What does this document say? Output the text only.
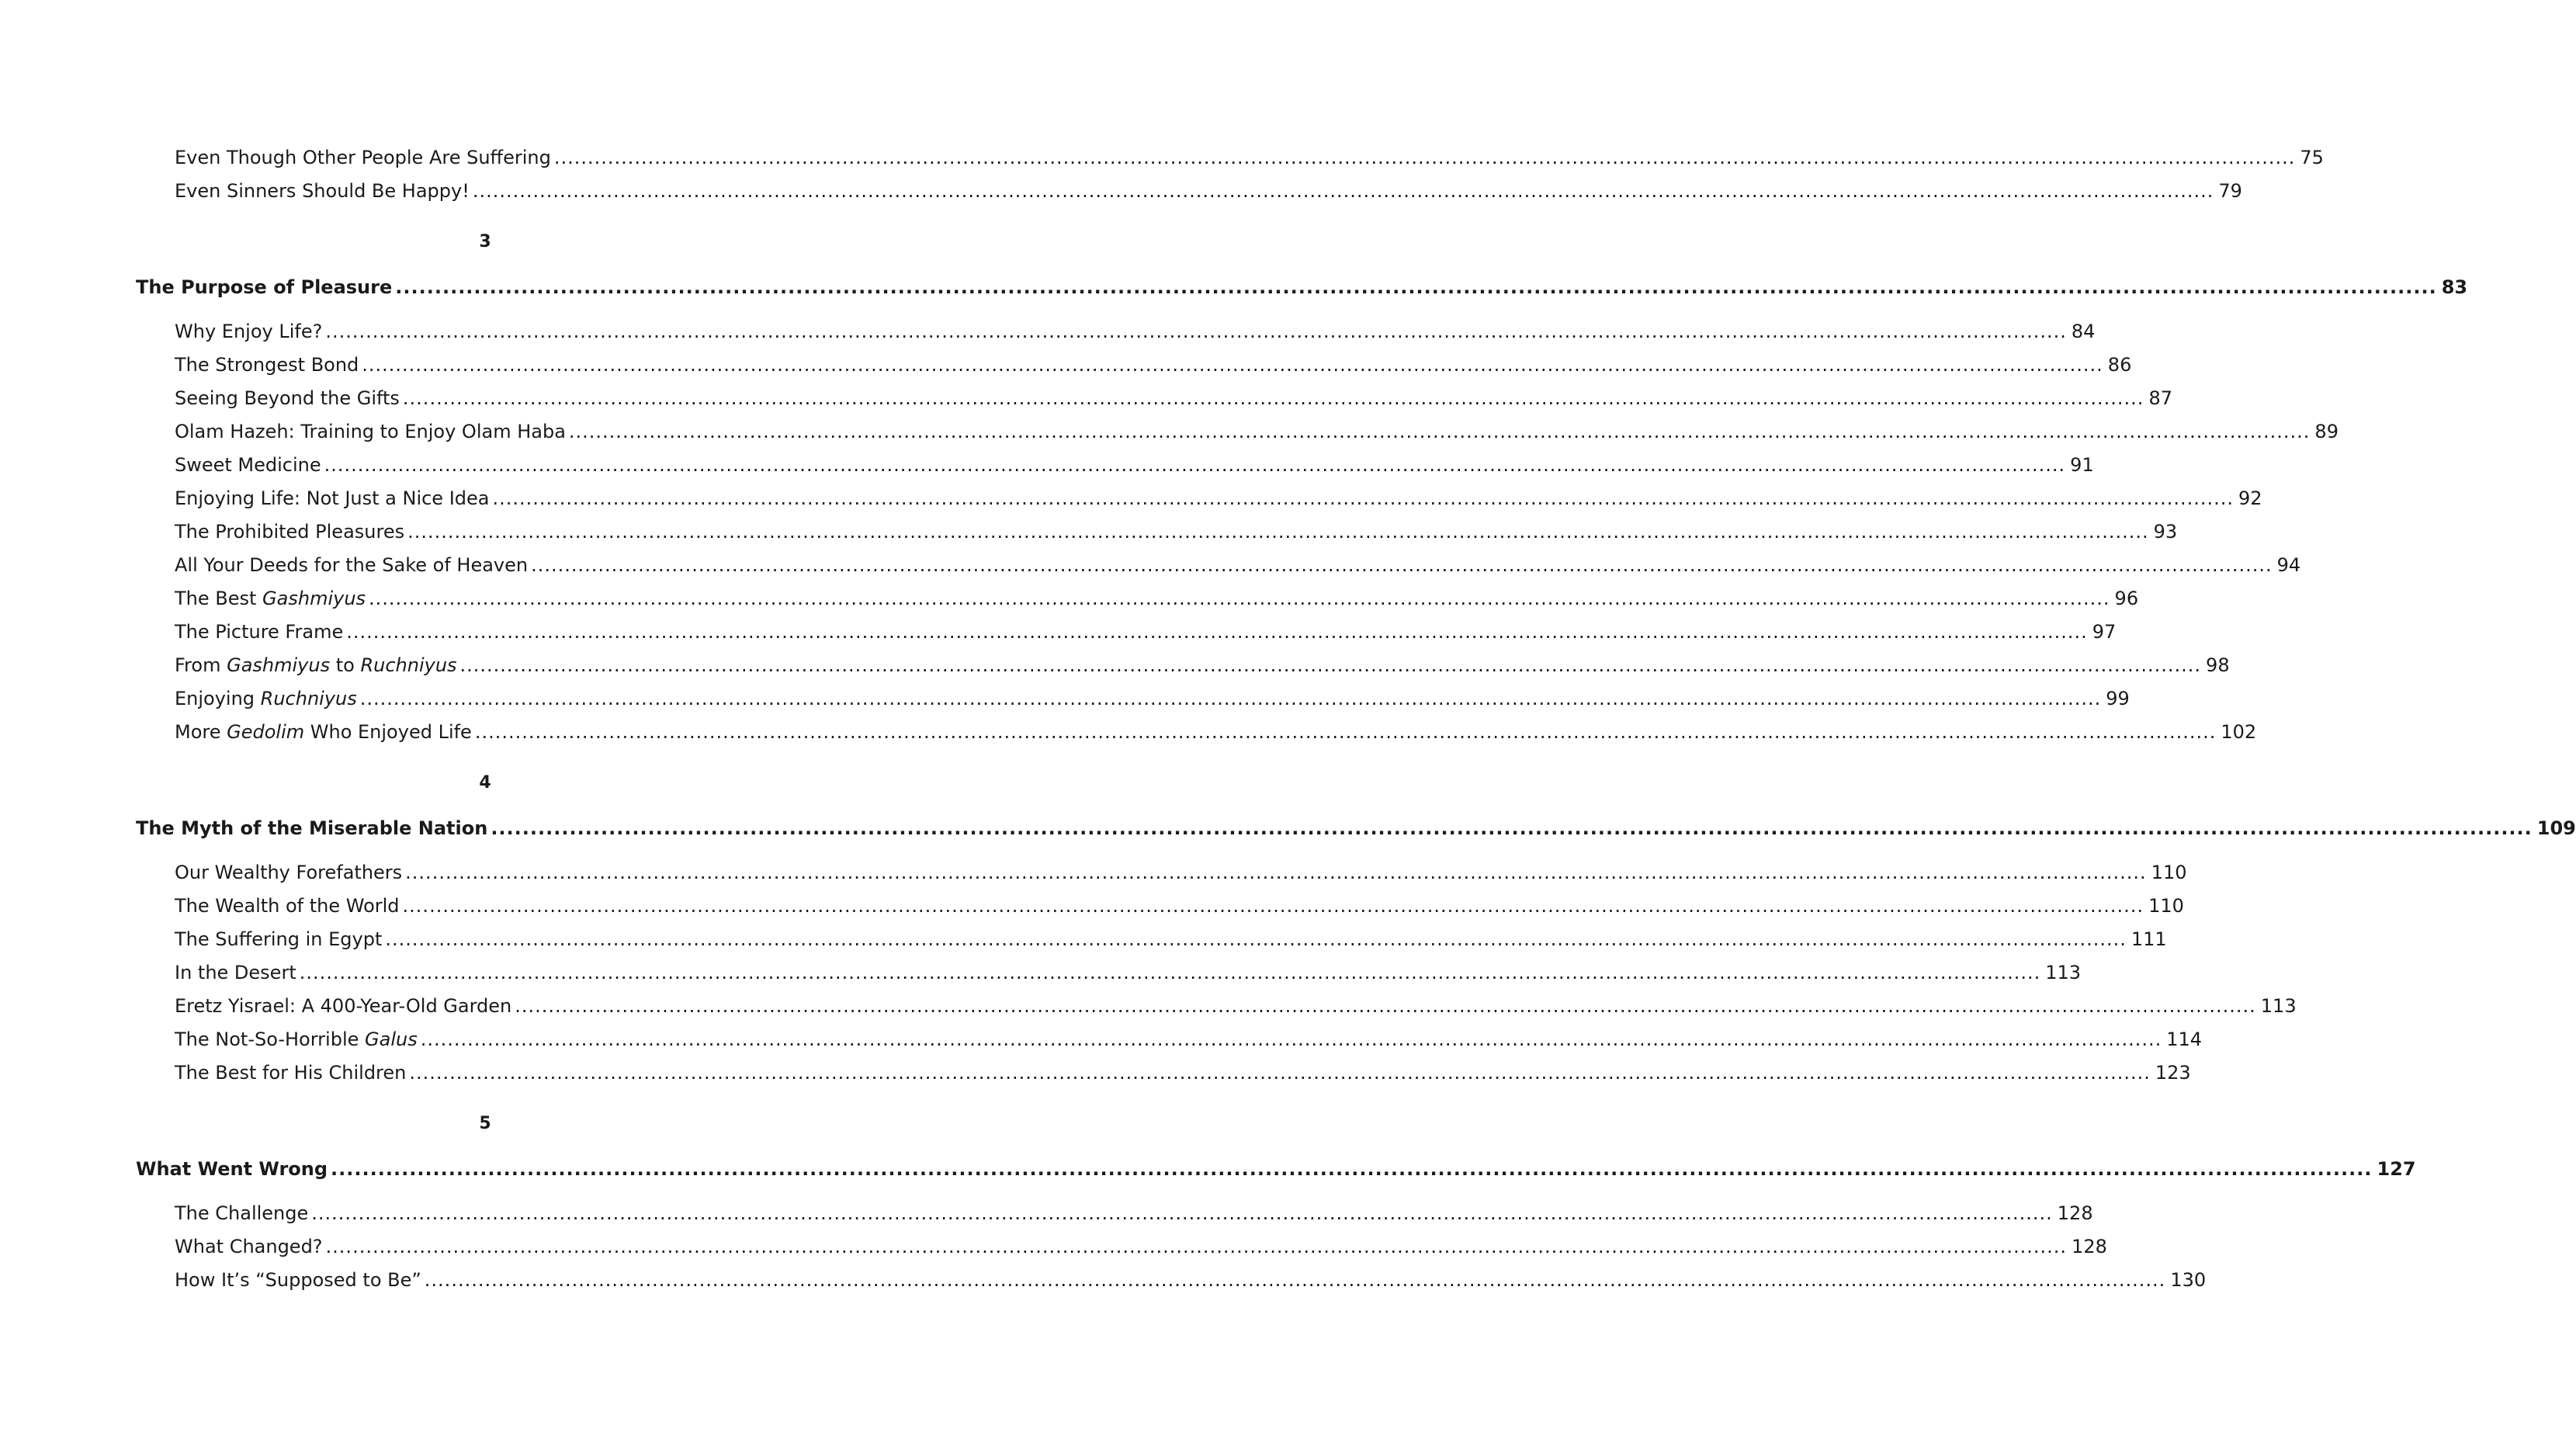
Even Though Other People Are Suffering .................................................................................................................................................................................................................................................................... 75
Even Sinners Should Be Happy! .................................................................................................................................................................................................................................................................... 79
3
The Purpose of Pleasure .................................................................................................................................................................................................................................................................... 83
Why Enjoy Life? .................................................................................................................................................................................................................................................................... 84
The Strongest Bond .................................................................................................................................................................................................................................................................... 86
Seeing Beyond the Gifts .................................................................................................................................................................................................................................................................... 87
Olam Hazeh: Training to Enjoy Olam Haba .................................................................................................................................................................................................................................................................... 89
Sweet Medicine .................................................................................................................................................................................................................................................................... 91
Enjoying Life: Not Just a Nice Idea .................................................................................................................................................................................................................................................................... 92
The Prohibited Pleasures .................................................................................................................................................................................................................................................................... 93
All Your Deeds for the Sake of Heaven .................................................................................................................................................................................................................................................................... 94
The Best Gashmiyus .................................................................................................................................................................................................................................................................... 96
The Picture Frame .................................................................................................................................................................................................................................................................... 97
From Gashmiyus to Ruchniyus .................................................................................................................................................................................................................................................................... 98
Enjoying Ruchniyus .................................................................................................................................................................................................................................................................... 99
More Gedolim Who Enjoyed Life .................................................................................................................................................................................................................................................................... 102
4
The Myth of the Miserable Nation .................................................................................................................................................................................................................................................................... 109
Our Wealthy Forefathers .................................................................................................................................................................................................................................................................... 110
The Wealth of the World .................................................................................................................................................................................................................................................................... 110
The Suffering in Egypt .................................................................................................................................................................................................................................................................... 111
In the Desert .................................................................................................................................................................................................................................................................... 113
Eretz Yisrael: A 400-Year-Old Garden .................................................................................................................................................................................................................................................................... 113
The Not-So-Horrible Galus .................................................................................................................................................................................................................................................................... 114
The Best for His Children .................................................................................................................................................................................................................................................................... 123
5
What Went Wrong .................................................................................................................................................................................................................................................................... 127
The Challenge .................................................................................................................................................................................................................................................................... 128
What Changed? .................................................................................................................................................................................................................................................................... 128
How It’s “Supposed to Be” .................................................................................................................................................................................................................................................................... 130
